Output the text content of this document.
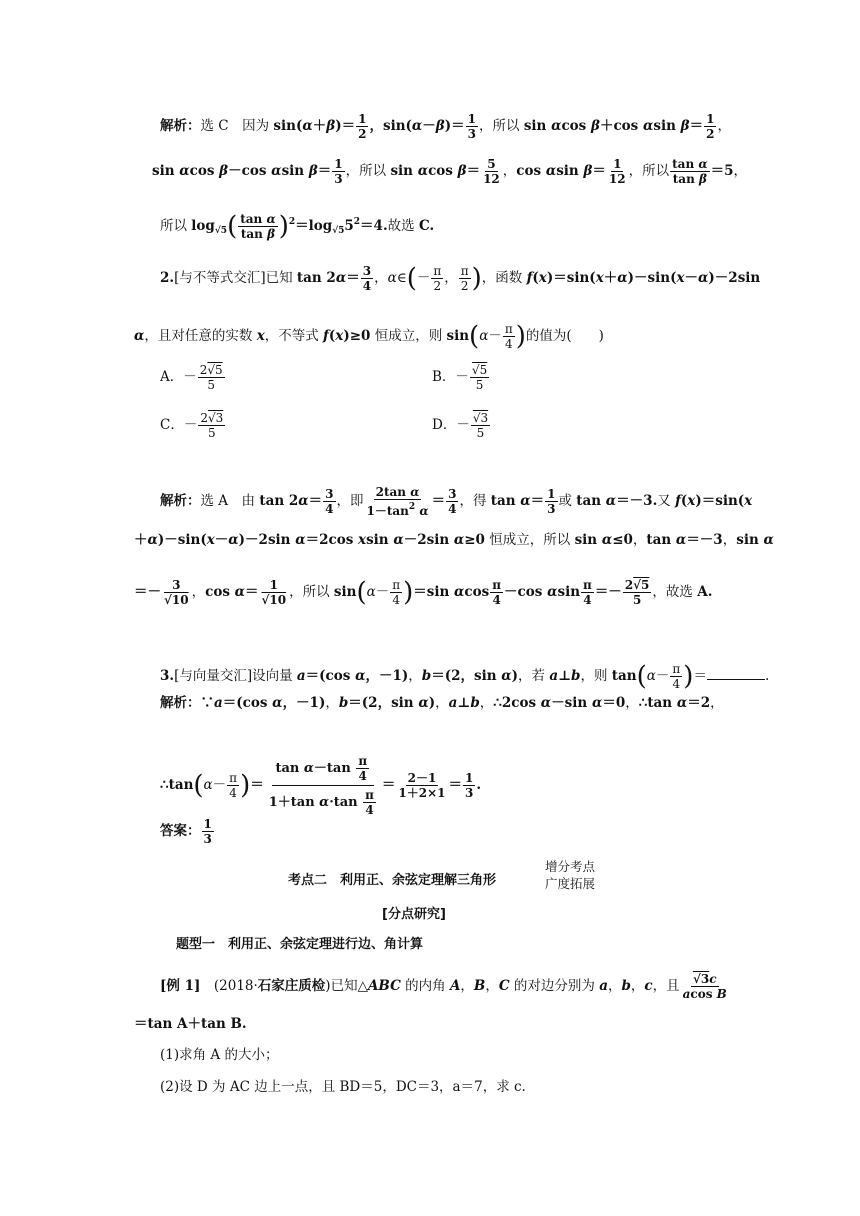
解析：选 C　因为 $\sin(\alpha+\beta)= \frac{1}{2}$ ，$\sin(\alpha-\beta)= \frac{1}{3}$ ，所以 sin αcos β＋cos αsin $\beta= \frac{1}{2}$ ，
sin αcos β－cos αsin $\beta= \frac{1}{3}$ ，所以 sin αcos $\beta= \frac{5}{12}$ ，cos αsin $\beta= \frac{1}{12}$ ，所以 $\frac{\text{tan α}}{\text{tan β}} =5$，
所以 $\log_{√5}( \frac{\text{tan α}}{\text{tan β}} )^2=\log_{√5}5^2=4$.故选 C.
2.[与不等式交汇]已知 $\tan 2\alpha= \frac{3}{4}$ ，α∈(－ $\frac{\pi}{2}$ ， $\frac{\pi}{2}$ )，函数 f(x)＝sin(x＋α)－sin(x－α)－2sin
α，且对任意的实数 x，不等式 f(x)≥0 恒成立，则 $\sin(\alpha- \frac{\pi}{4}$ )的值为(　　)
A．－ $\frac{2√5}{5}$	B．－ $\frac{√5}{5}$
C．－ $\frac{2√3}{5}$	D．－ $\frac{√3}{5}$
解析：选 A　由 $\tan 2\alpha= \frac{3}{4}$ ，即 $\frac{\text{2tan α}}{1-\tan^2 \alpha} = \frac{3}{4}$ ，得 $\tan \alpha= \frac{1}{3}$ 或 tan α＝－3.又 f(x)＝sin(x
＋α)－sin(x－α)－2sin α＝2cos xsin α－2sin α≥0 恒成立，所以 sin α≤0，tan α＝－3，sin α
＝－ $\frac{3}{√10}$ ，$\cos \alpha= \frac{1}{√10}$ ，所以 $\sin(\alpha- \frac{\pi}{4} )=\sin$ αcos $\frac{\pi}{4} -\cos$ αsin $\frac{\pi}{4} =- \frac{2√5}{5}$ ，故选 A.
3.[与向量交汇]设向量 a＝(cos α，－1)，b＝(2，sin α)，若 a⊥b，则 $\tan(\alpha- \frac{\pi}{4}$ )＝	.
解析：∵a＝(cos α，－1)，b＝(2，sin α)，a⊥b，∴2cos α－sin α＝0，∴tan α＝2，
∴tan(α－ $\frac{\pi}{4}$ )＝ $\frac{\tan \alpha-\tan \frac{\pi}{4}}{1+\tan \alpha\cdot\tan \frac{\pi}{4}} = \frac{2-1}{1+2\times 1} = \frac{1}{3}$ .
答案： $\frac{1}{3}$
考点二　利用正、余弦定理解三角形
增分考点
广度拓展
[分点研究]
题型一　利用正、余弦定理进行边、角计算
[例 1]　(2018·石家庄质检)已知△ABC 的内角 A，B，C 的对边分别为 a，b，c，且 $\frac{√3c}{\text{acos B}}$
＝tan A＋tan B.
(1)求角 A 的大小；
(2)设 D 为 AC 边上一点，且 BD＝5，DC＝3，a＝7，求 c.
